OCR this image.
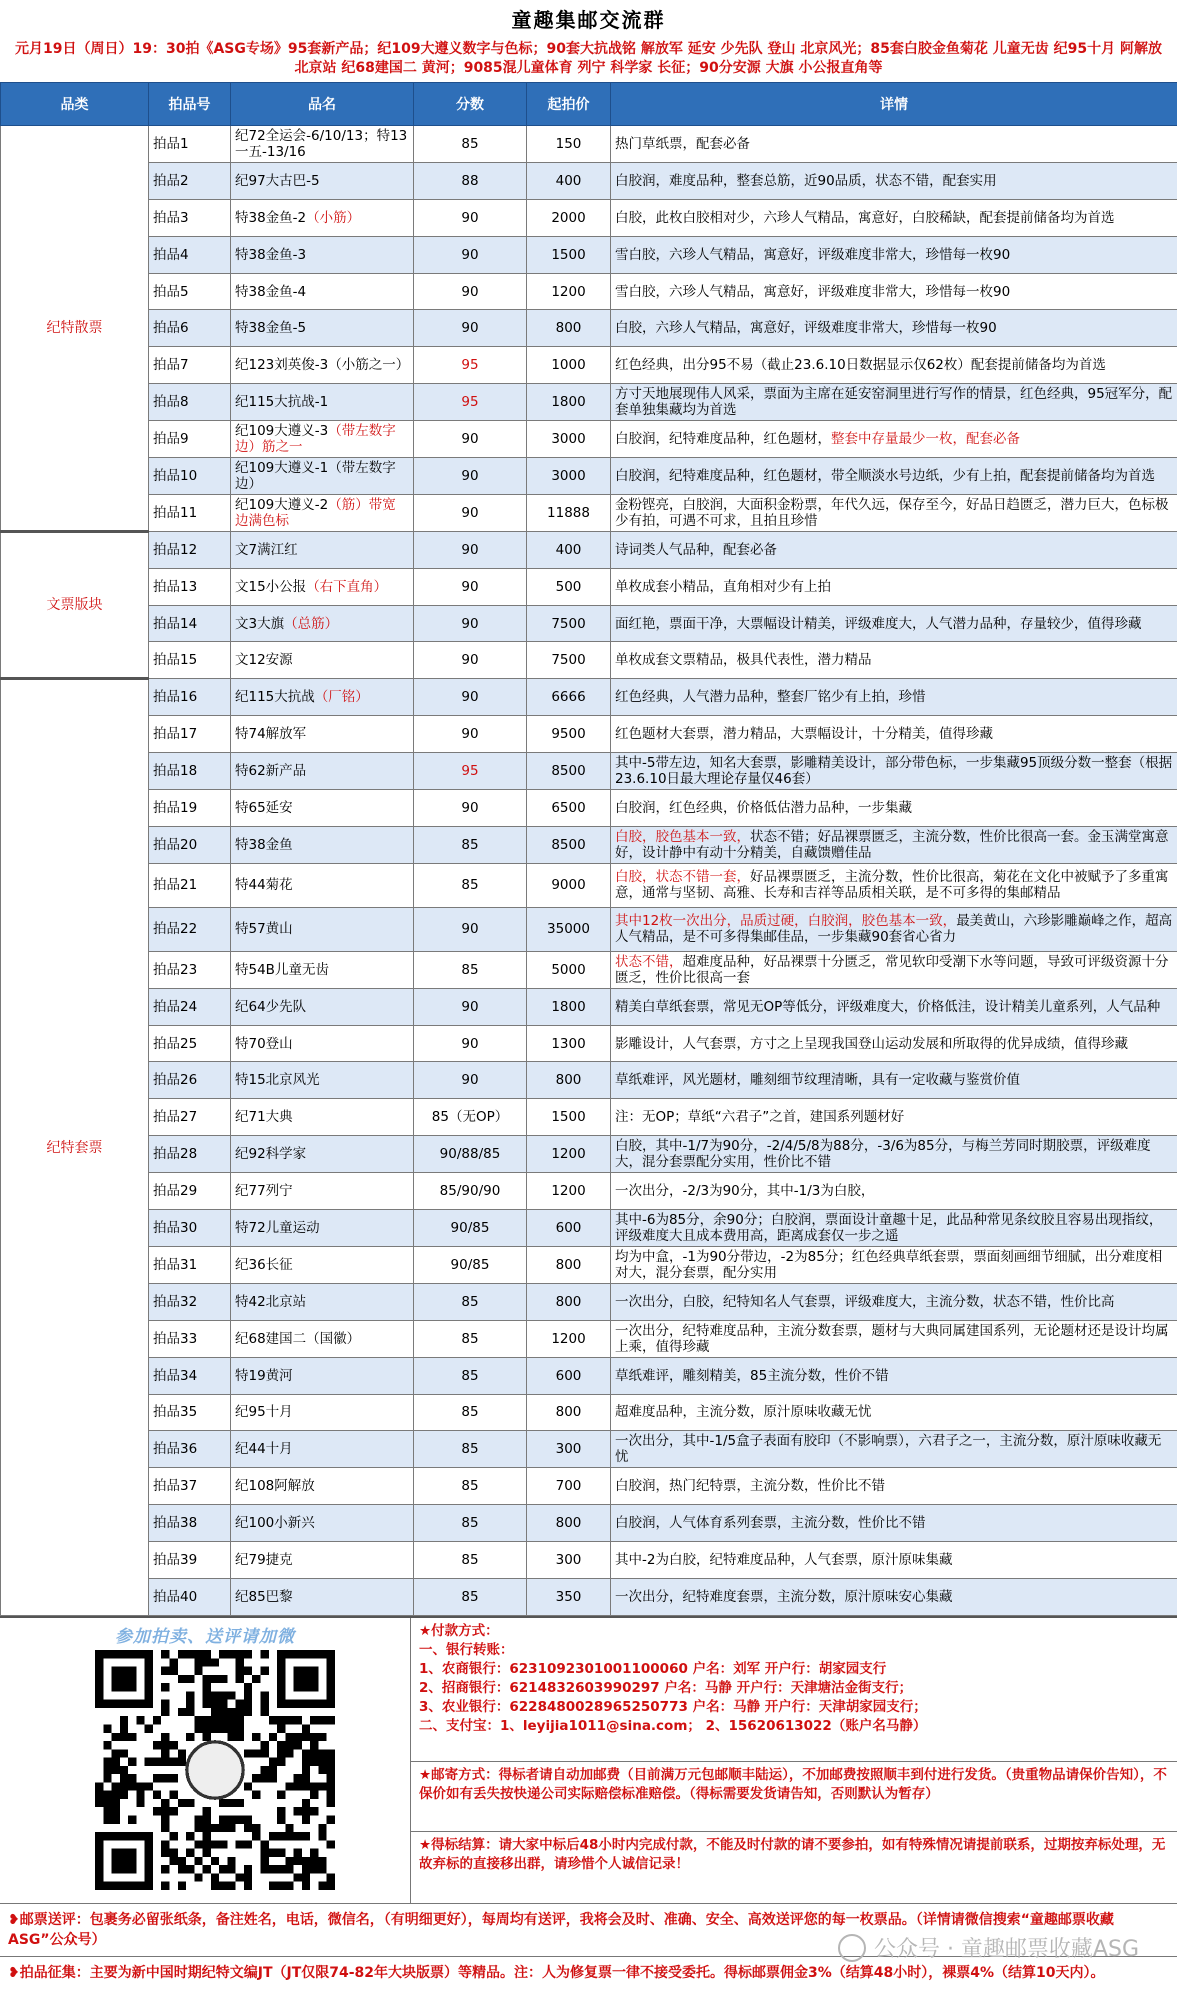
童趣集邮交流群
元月19日（周日）19：30拍《ASG专场》95套新产品；纪109大遵义数字与色标；90套大抗战铭 解放军 延安 少先队 登山 北京风光；85套白胶金鱼菊花 儿童无齿 纪95十月 阿解放 北京站 纪68建国二 黄河；9085混儿童体育 列宁 科学家 长征；90分安源 大旗 小公报直角等
品类	拍品号	品名	分数	起拍价	详情
纪特散票	拍品1	纪72全运会-6/10/13；特13一五-13/16	85	150	热门草纸票，配套必备
	拍品2	纪97大古巴-5	88	400	白胶润，难度品种，整套总筋，近90品质，状态不错，配套实用
	拍品3	特38金鱼-2（小筋）	90	2000	白胶，此枚白胶相对少，六珍人气精品，寓意好，白胶稀缺，配套提前储备均为首选
	拍品4	特38金鱼-3	90	1500	雪白胶，六珍人气精品，寓意好，评级难度非常大，珍惜每一枚90
	拍品5	特38金鱼-4	90	1200	雪白胶，六珍人气精品，寓意好，评级难度非常大，珍惜每一枚90
	拍品6	特38金鱼-5	90	800	白胶，六珍人气精品，寓意好，评级难度非常大，珍惜每一枚90
	拍品7	纪123刘英俊-3（小筋之一）	95	1000	红色经典，出分95不易（截止23.6.10日数据显示仅62枚）配套提前储备均为首选
	拍品8	纪115大抗战-1	95	1800	方寸天地展现伟人风采，票面为主席在延安窑洞里进行写作的情景，红色经典，95冠军分，配套单独集藏均为首选
	拍品9	纪109大遵义-3（带左数字边）筋之一	90	3000	白胶润，纪特难度品种，红色题材，整套中存量最少一枚，配套必备
	拍品10	纪109大遵义-1（带左数字边）	90	3000	白胶润，纪特难度品种，红色题材，带全顺淡水号边纸，少有上拍，配套提前储备均为首选
	拍品11	纪109大遵义-2（筋）带宽边满色标	90	11888	金粉铿亮，白胶润，大面积金粉票，年代久远，保存至今，好品日趋匮乏，潜力巨大，色标极少有拍，可遇不可求，且拍且珍惜
文票版块	拍品12	文7满江红	90	400	诗词类人气品种，配套必备
	拍品13	文15小公报（右下直角）	90	500	单枚成套小精品，直角相对少有上拍
	拍品14	文3大旗（总筋）	90	7500	面红艳，票面干净，大票幅设计精美，评级难度大，人气潜力品种，存量较少，值得珍藏
	拍品15	文12安源	90	7500	单枚成套文票精品，极具代表性，潜力精品
纪特套票	拍品16	纪115大抗战（厂铭）	90	6666	红色经典，人气潜力品种，整套厂铭少有上拍，珍惜
	拍品17	特74解放军	90	9500	红色题材大套票，潜力精品，大票幅设计，十分精美，值得珍藏
	拍品18	特62新产品	95	8500	其中-5带左边，知名大套票，影雕精美设计，部分带色标，一步集藏95顶级分数一整套（根据23.6.10日最大理论存量仅46套）
	拍品19	特65延安	90	6500	白胶润，红色经典，价格低估潜力品种，一步集藏
	拍品20	特38金鱼	85	8500	白胶，胶色基本一致，状态不错；好品裸票匮乏，主流分数，性价比很高一套。金玉满堂寓意好，设计静中有动十分精美，自藏馈赠佳品
	拍品21	特44菊花	85	9000	白胶，状态不错一套，好品裸票匮乏，主流分数，性价比很高，菊花在文化中被赋予了多重寓意，通常与坚韧、高雅、长寿和吉祥等品质相关联，是不可多得的集邮精品
	拍品22	特57黄山	90	35000	其中12枚一次出分，品质过硬，白胶润，胶色基本一致，最美黄山，六珍影雕巅峰之作，超高人气精品，是不可多得集邮佳品，一步集藏90套省心省力
	拍品23	特54B儿童无齿	85	5000	状态不错，超难度品种，好品裸票十分匮乏，常见软印受潮下水等问题，导致可评级资源十分匮乏，性价比很高一套
	拍品24	纪64少先队	90	1800	精美白草纸套票，常见无OP等低分，评级难度大，价格低洼，设计精美儿童系列，人气品种
	拍品25	特70登山	90	1300	影雕设计，人气套票，方寸之上呈现我国登山运动发展和所取得的优异成绩，值得珍藏
	拍品26	特15北京风光	90	800	草纸难评，风光题材，雕刻细节纹理清晰，具有一定收藏与鉴赏价值
	拍品27	纪71大典	85（无OP）	1500	注：无OP；草纸“六君子”之首，建国系列题材好
	拍品28	纪92科学家	90/88/85	1200	白胶，其中-1/7为90分，-2/4/5/8为88分，-3/6为85分，与梅兰芳同时期胶票，评级难度大，混分套票配分实用，性价比不错
	拍品29	纪77列宁	85/90/90	1200	一次出分，-2/3为90分，其中-1/3为白胶，
	拍品30	特72儿童运动	90/85	600	其中-6为85分，余90分；白胶润，票面设计童趣十足，此品种常见条纹胶且容易出现指纹，评级难度大且成本费用高，距离成套仅一步之遥
	拍品31	纪36长征	90/85	800	均为中盒，-1为90分带边，-2为85分；红色经典草纸套票，票面刻画细节细腻，出分难度相对大，混分套票，配分实用
	拍品32	特42北京站	85	800	一次出分，白胶，纪特知名人气套票，评级难度大，主流分数，状态不错，性价比高
	拍品33	纪68建国二（国徽）	85	1200	一次出分，纪特难度品种，主流分数套票，题材与大典同属建国系列，无论题材还是设计均属上乘，值得珍藏
	拍品34	特19黄河	85	600	草纸难评，雕刻精美，85主流分数，性价不错
	拍品35	纪95十月	85	800	超难度品种，主流分数，原汁原味收藏无忧
	拍品36	纪44十月	85	300	一次出分，其中-1/5盒子表面有胶印（不影响票），六君子之一，主流分数，原汁原味收藏无忧
	拍品37	纪108阿解放	85	700	白胶润，热门纪特票，主流分数，性价比不错
	拍品38	纪100小新兴	85	800	白胶润，人气体育系列套票，主流分数，性价比不错
	拍品39	纪79捷克	85	300	其中-2为白胶，纪特难度品种，人气套票，原汁原味集藏
	拍品40	纪85巴黎	85	350	一次出分，纪特难度套票，主流分数，原汁原味安心集藏
参加拍卖、送评请加微	★付款方式：
一、银行转账：
1、农商银行：6231092301001100060 户名：刘军 开户行：胡家园支行
2、招商银行：6214832603990297 户名：马静 开户行：天津塘沽金街支行；
3、农业银行：6228480028965250773 户名：马静 开户行：天津胡家园支行；
二、支付宝：1、leyijia1011@sina.com； 2、15620613022（账户名马静）
★邮寄方式：得标者请自动加邮费（目前满万元包邮顺丰陆运），不加邮费按照顺丰到付进行发货。（贵重物品请保价告知），不保价如有丢失按快递公司实际赔偿标准赔偿。（得标需要发货请告知，否则默认为暂存）
★得标结算：请大家中标后48小时内完成付款，不能及时付款的请不要参拍，如有特殊情况请提前联系，过期按弃标处理，无故弃标的直接移出群，请珍惜个人诚信记录！
❥邮票送评：包裹务必留张纸条，备注姓名，电话，微信名，（有明细更好），每周均有送评，我将会及时、准确、安全、高效送评您的每一枚票品。（详情请微信搜索“童趣邮票收藏ASG”公众号）
❥拍品征集：主要为新中国时期纪特文编JT（JT仅限74-82年大块版票）等精品。注：人为修复票一律不接受委托。得标邮票佣金3%（结算48小时），裸票4%（结算10天内）。
公众号 · 童趣邮票收藏ASG
